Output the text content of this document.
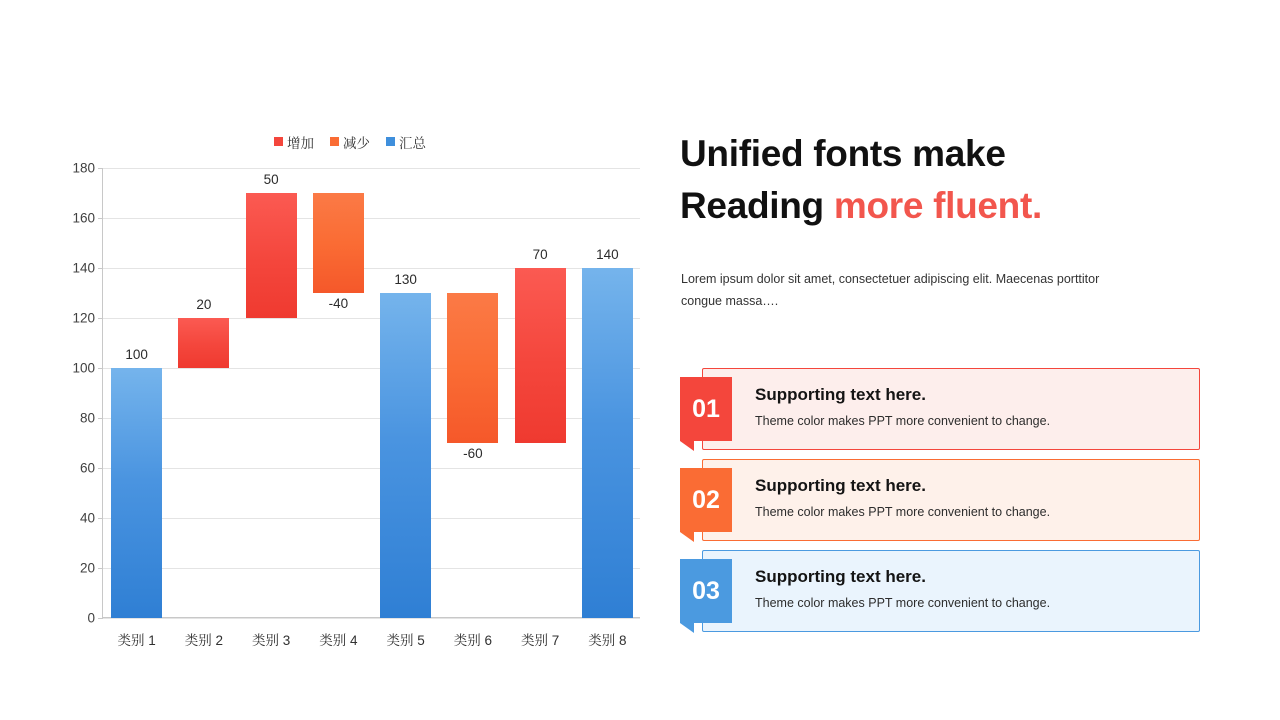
增加 减少 汇总
0
20
40
60
80
100
120
140
160
180
100
类别 1
20
类别 2
50
类别 3
-40
类别 4
130
类别 5
-60
类别 6
70
类别 7
140
类别 8
Unified fonts make
Reading more fluent.
Lorem ipsum dolor sit amet, consectetuer adipiscing elit. Maecenas porttitor congue massa….
01	Supporting text here.
Theme color makes PPT more convenient to change.
02	Supporting text here.
Theme color makes PPT more convenient to change.
03	Supporting text here.
Theme color makes PPT more convenient to change.
